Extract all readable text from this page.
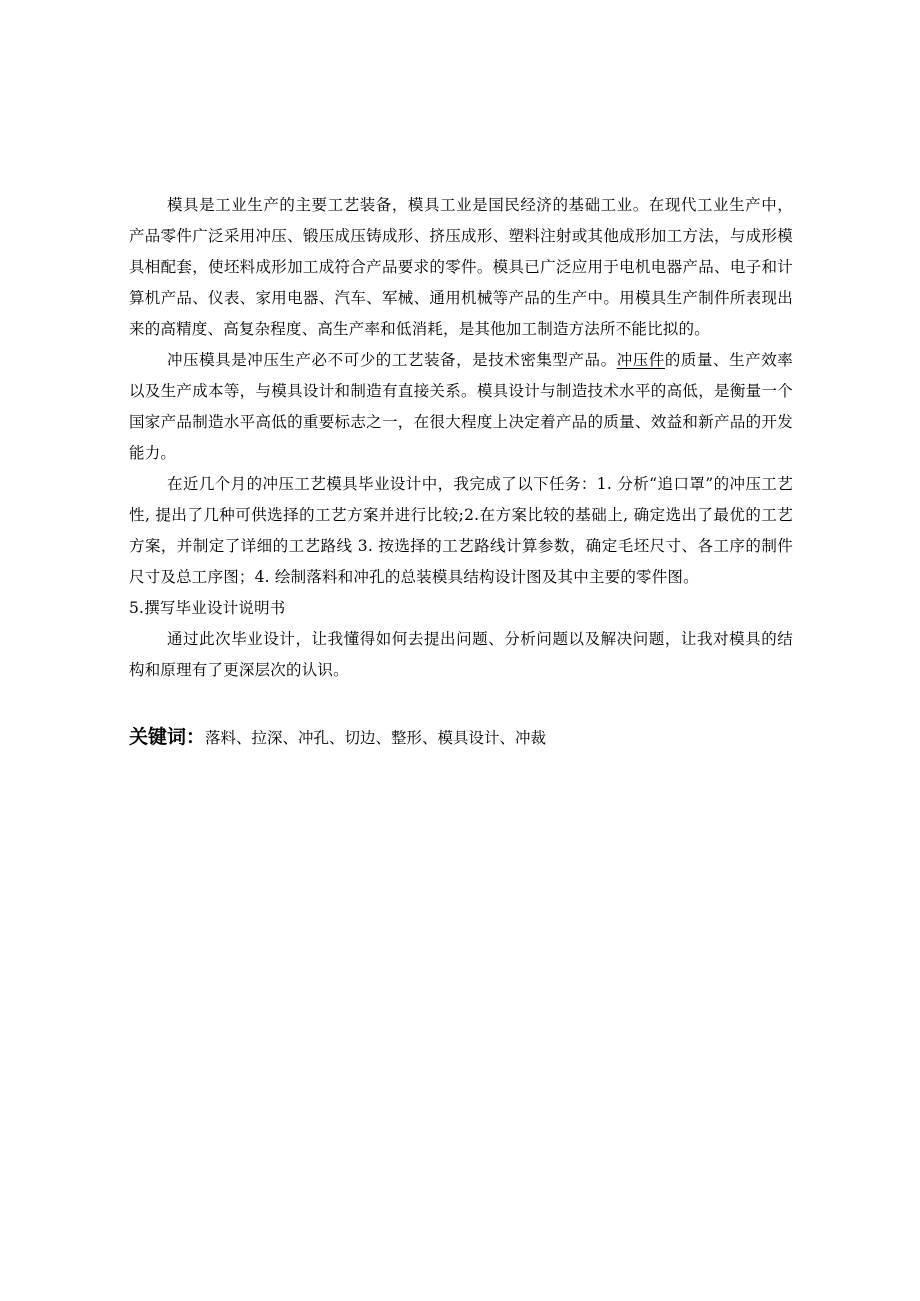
模具是工业生产的主要工艺装备，模具工业是国民经济的基础工业。在现代工业生产中，产品零件广泛采用冲压、锻压成压铸成形、挤压成形、塑料注射或其他成形加工方法，与成形模具相配套，使坯料成形加工成符合产品要求的零件。模具已广泛应用于电机电器产品、电子和计算机产品、仪表、家用电器、汽车、军械、通用机械等产品的生产中。用模具生产制件所表现出来的高精度、高复杂程度、高生产率和低消耗，是其他加工制造方法所不能比拟的。

冲压模具是冲压生产必不可少的工艺装备，是技术密集型产品。冲压件的质量、生产效率以及生产成本等，与模具设计和制造有直接关系。模具设计与制造技术水平的高低，是衡量一个国家产品制造水平高低的重要标志之一，在很大程度上决定着产品的质量、效益和新产品的开发能力。

在近几个月的冲压工艺模具毕业设计中，我完成了以下任务：1. 分析“追口罩”的冲压工艺性, 提出了几种可供选择的工艺方案并进行比较;2.在方案比较的基础上, 确定选出了最优的工艺方案，并制定了详细的工艺路线 3. 按选择的工艺路线计算参数，确定毛坯尺寸、各工序的制件尺寸及总工序图；4. 绘制落料和冲孔的总装模具结构设计图及其中主要的零件图。

5.撰写毕业设计说明书

通过此次毕业设计，让我懂得如何去提出问题、分析问题以及解决问题，让我对模具的结构和原理有了更深层次的认识。

关键词：落料、拉深、冲孔、切边、整形、模具设计、冲裁
